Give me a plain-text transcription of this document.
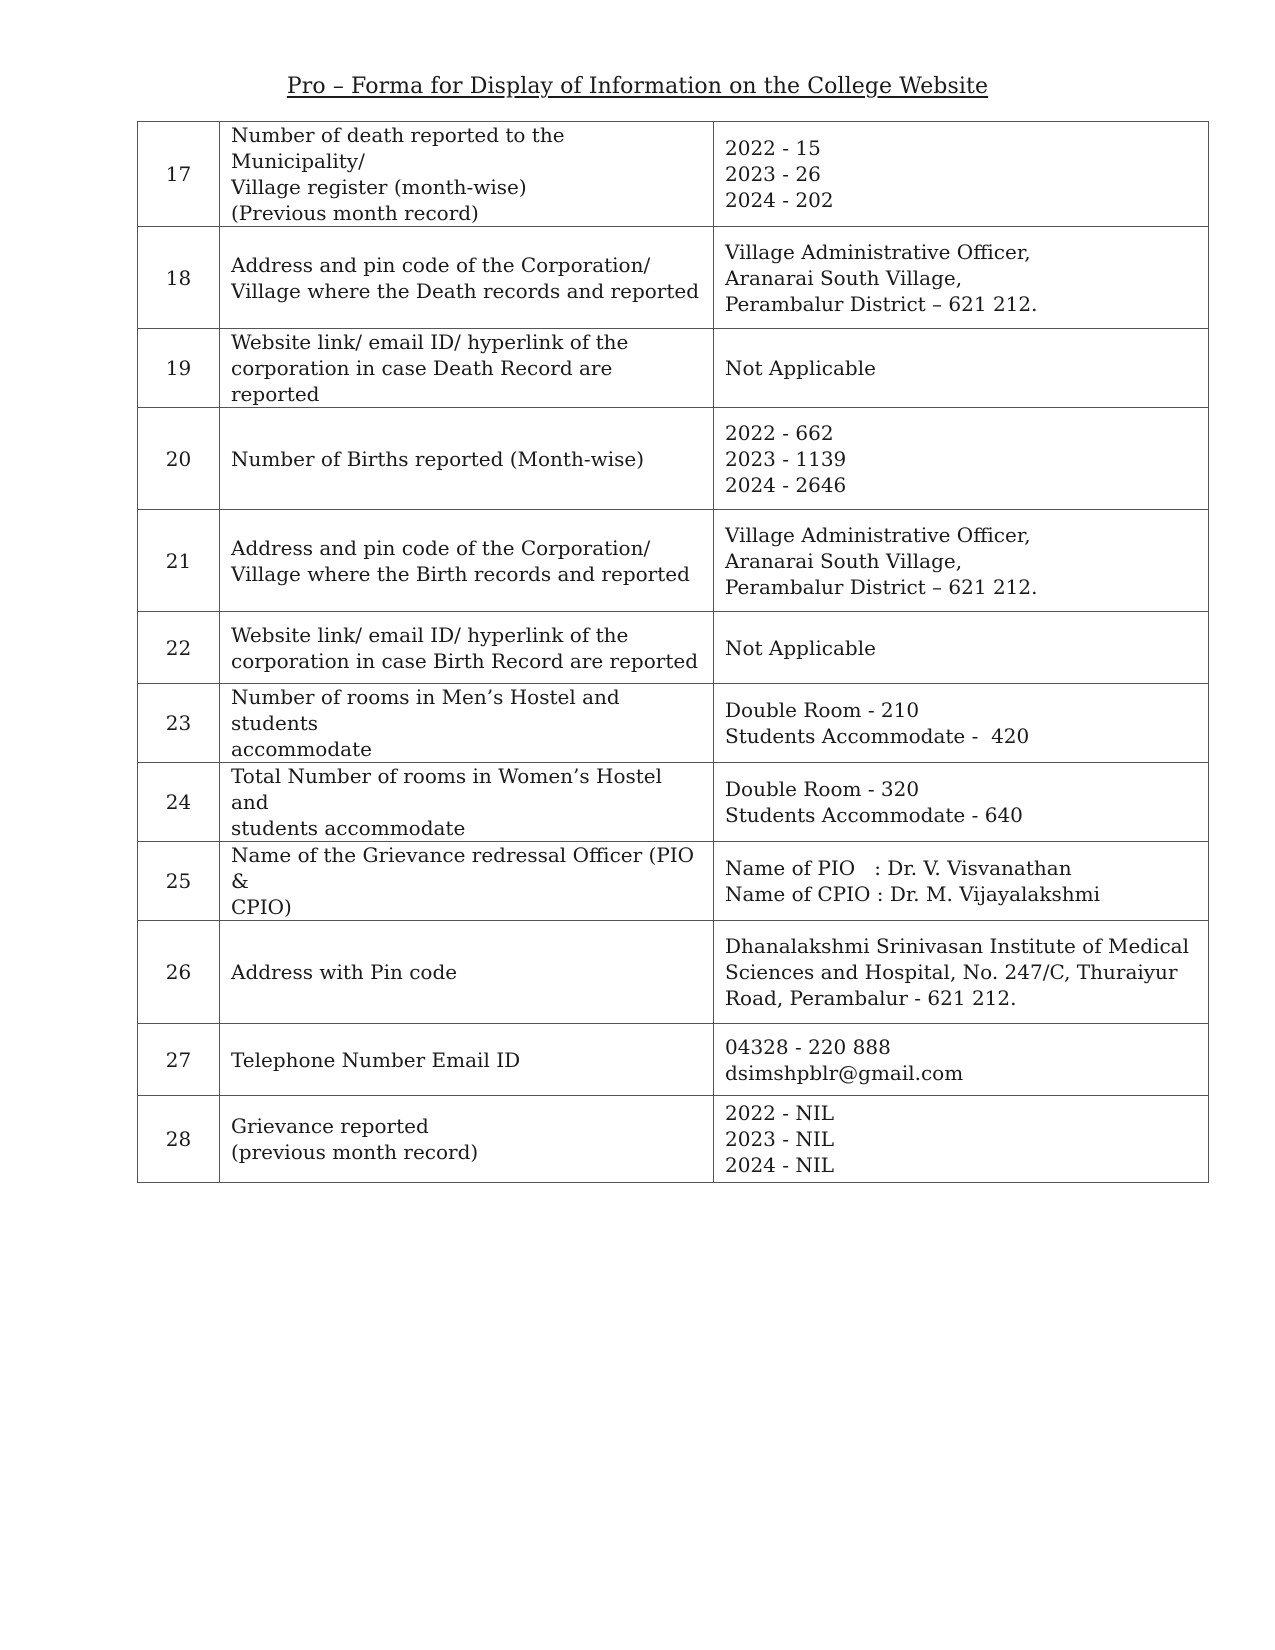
Pro – Forma for Display of Information on the College Website
17	Number of death reported to the Municipality/
Village register (month-wise)
(Previous month record)	2022 - 15
2023 - 26
2024 - 202

18	Address and pin code of the Corporation/
Village where the Death records and reported	Village Administrative Officer,
Aranarai South Village,
Perambalur District – 621 212.

19	Website link/ email ID/ hyperlink of the
corporation in case Death Record are reported	Not Applicable

20	Number of Births reported (Month-wise)	2022 - 662
2023 - 1139
2024 - 2646

21	Address and pin code of the Corporation/
Village where the Birth records and reported	Village Administrative Officer,
Aranarai South Village,
Perambalur District – 621 212.

22	Website link/ email ID/ hyperlink of the
corporation in case Birth Record are reported	Not Applicable

23	Number of rooms in Men’s Hostel and students
accommodate	Double Room - 210
Students Accommodate -  420

24	Total Number of rooms in Women’s Hostel and
students accommodate	Double Room - 320
Students Accommodate - 640

25	Name of the Grievance redressal Officer (PIO &
CPIO)	Name of PIO   : Dr. V. Visvanathan
Name of CPIO : Dr. M. Vijayalakshmi

26	Address with Pin code	Dhanalakshmi Srinivasan Institute of Medical
Sciences and Hospital, No. 247/C, Thuraiyur
Road, Perambalur - 621 212.

27	Telephone Number Email ID	04328 - 220 888
dsimshpblr@gmail.com

28	Grievance reported
(previous month record)	2022 - NIL
2023 - NIL
2024 - NIL
